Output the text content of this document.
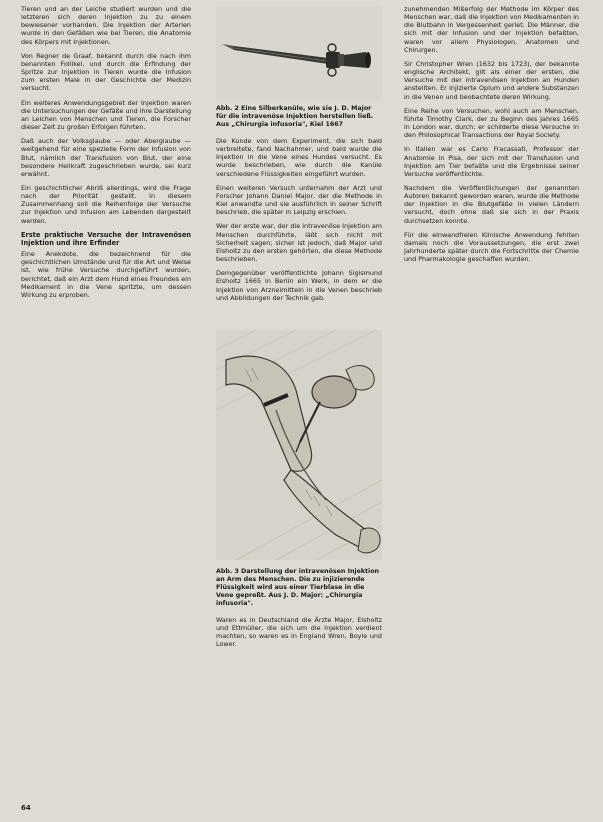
Tieren und an der Leiche studiert wurden und die letzteren sich deren Injektion zu zu einem bewiesener vorhanden. Die Injektion der Arterien wurde in den Gefäßen wie bei Tieren, die Anatomie des Körpers mit Injektionen.

Von Regner de Graaf, bekannt durch die nach ihm benannten Follikel, und durch die Erfindung der Spritze zur Injektion in Tieren wurde die Infusion zum ersten Male in der Geschichte der Medizin versucht.

Ein weiteres Anwendungsgebiet der Injektion waren die Untersuchungen der Gefäße und ihre Darstellung an Leichen von Menschen und Tieren, die Forscher dieser Zeit zu großen Erfolgen führten.

Daß auch der Volksglaube — oder Aberglaube — weitgehend für eine spezielle Form der Infusion von Blut, nämlich der Transfusion von Blut, der eine besondere Heilkraft zugeschrieben wurde, sei kurz erwähnt.

Ein geschichtlicher Abriß allerdings, wird die Frage nach der Priorität gestellt. In diesem Zusammenhang soll die Reihenfolge der Versuche zur Injektion und Infusion am Lebenden dargestellt werden.

Erste praktische Versuche der Intravenösen Injektion und ihre Erfinder

Eine Anekdote, die bezeichnend für die geschichtlichen Umstände und für die Art und Weise ist, wie frühe Versuche durchgeführt wurden, berichtet, daß ein Arzt dem Hund eines Freundes ein Medikament in die Vene spritzte, um dessen Wirkung zu erproben.

Abb. 2 Eine Silberkanüle, wie sie J. D. Major für die intravenöse Injektion herstellen ließ. Aus „Chirurgia infusoria", Kiel 1667

Die Kunde von dem Experiment, die sich bald verbreitete, fand Nachahmer, und bald wurde die Injektion in die Vene eines Hundes versucht. Es wurde beschrieben, wie durch die Kanüle verschiedene Flüssigkeiten eingeführt wurden.

Einen weiteren Versuch unternahm der Arzt und Forscher Johann Daniel Major, der die Methode in Kiel anwandte und sie ausführlich in seiner Schrift beschrieb, die später in Leipzig erschien.

Wer der erste war, der die intravenöse Injektion am Menschen durchführte, läßt sich nicht mit Sicherheit sagen; sicher ist jedoch, daß Major und Elsholtz zu den ersten gehörten, die diese Methode beschrieben.

Demgegenüber veröffentlichte Johann Sigismund Elsholtz 1665 in Berlin ein Werk, in dem er die Injektion von Arzneimitteln in die Venen beschrieb und Abbildungen der Technik gab.

Abb. 3 Darstellung der intravenösen Injektion an Arm des Menschen. Die zu injizierende Flüssigkeit wird aus einer Tierblase in die Vene gepreßt. Aus J. D. Major: „Chirurgia infusoria".

Waren es in Deutschland die Ärzte Major, Elsholtz und Ettmüller, die sich um die Injektion verdient machten, so waren es in England Wren, Boyle und Lower.

zunehmenden Mißerfolg der Methode im Körper des Menschen war, daß die Injektion von Medikamenten in die Blutbahn in Vergessenheit geriet. Die Männer, die sich mit der Infusion und der Injektion befaßten, waren vor allem Physiologen, Anatomen und Chirurgen.

Sir Christopher Wren (1632 bis 1723), der bekannte englische Architekt, gilt als einer der ersten, die Versuche mit der intravenösen Injektion an Hunden anstellten. Er injizierte Opium und andere Substanzen in die Venen und beobachtete deren Wirkung.

Eine Reihe von Versuchen, wohl auch am Menschen, führte Timothy Clark, der zu Beginn des Jahres 1665 in London war, durch; er schilderte diese Versuche in den Philosophical Transactions der Royal Society.

In Italien war es Carlo Fracassati, Professor der Anatomie in Pisa, der sich mit der Transfusion und Injektion am Tier befaßte und die Ergebnisse seiner Versuche veröffentlichte.

Nachdem die Veröffentlichungen der genannten Autoren bekannt geworden waren, wurde die Methode der Injektion in die Blutgefäße in vielen Ländern versucht, doch ohne daß sie sich in der Praxis durchsetzen konnte.

Für die einwandfreien Klinische Anwendung fehlten damals noch die Voraussetzungen, die erst zwei Jahrhunderte später durch die Fortschritte der Chemie und Pharmakologie geschaffen wurden.

64
